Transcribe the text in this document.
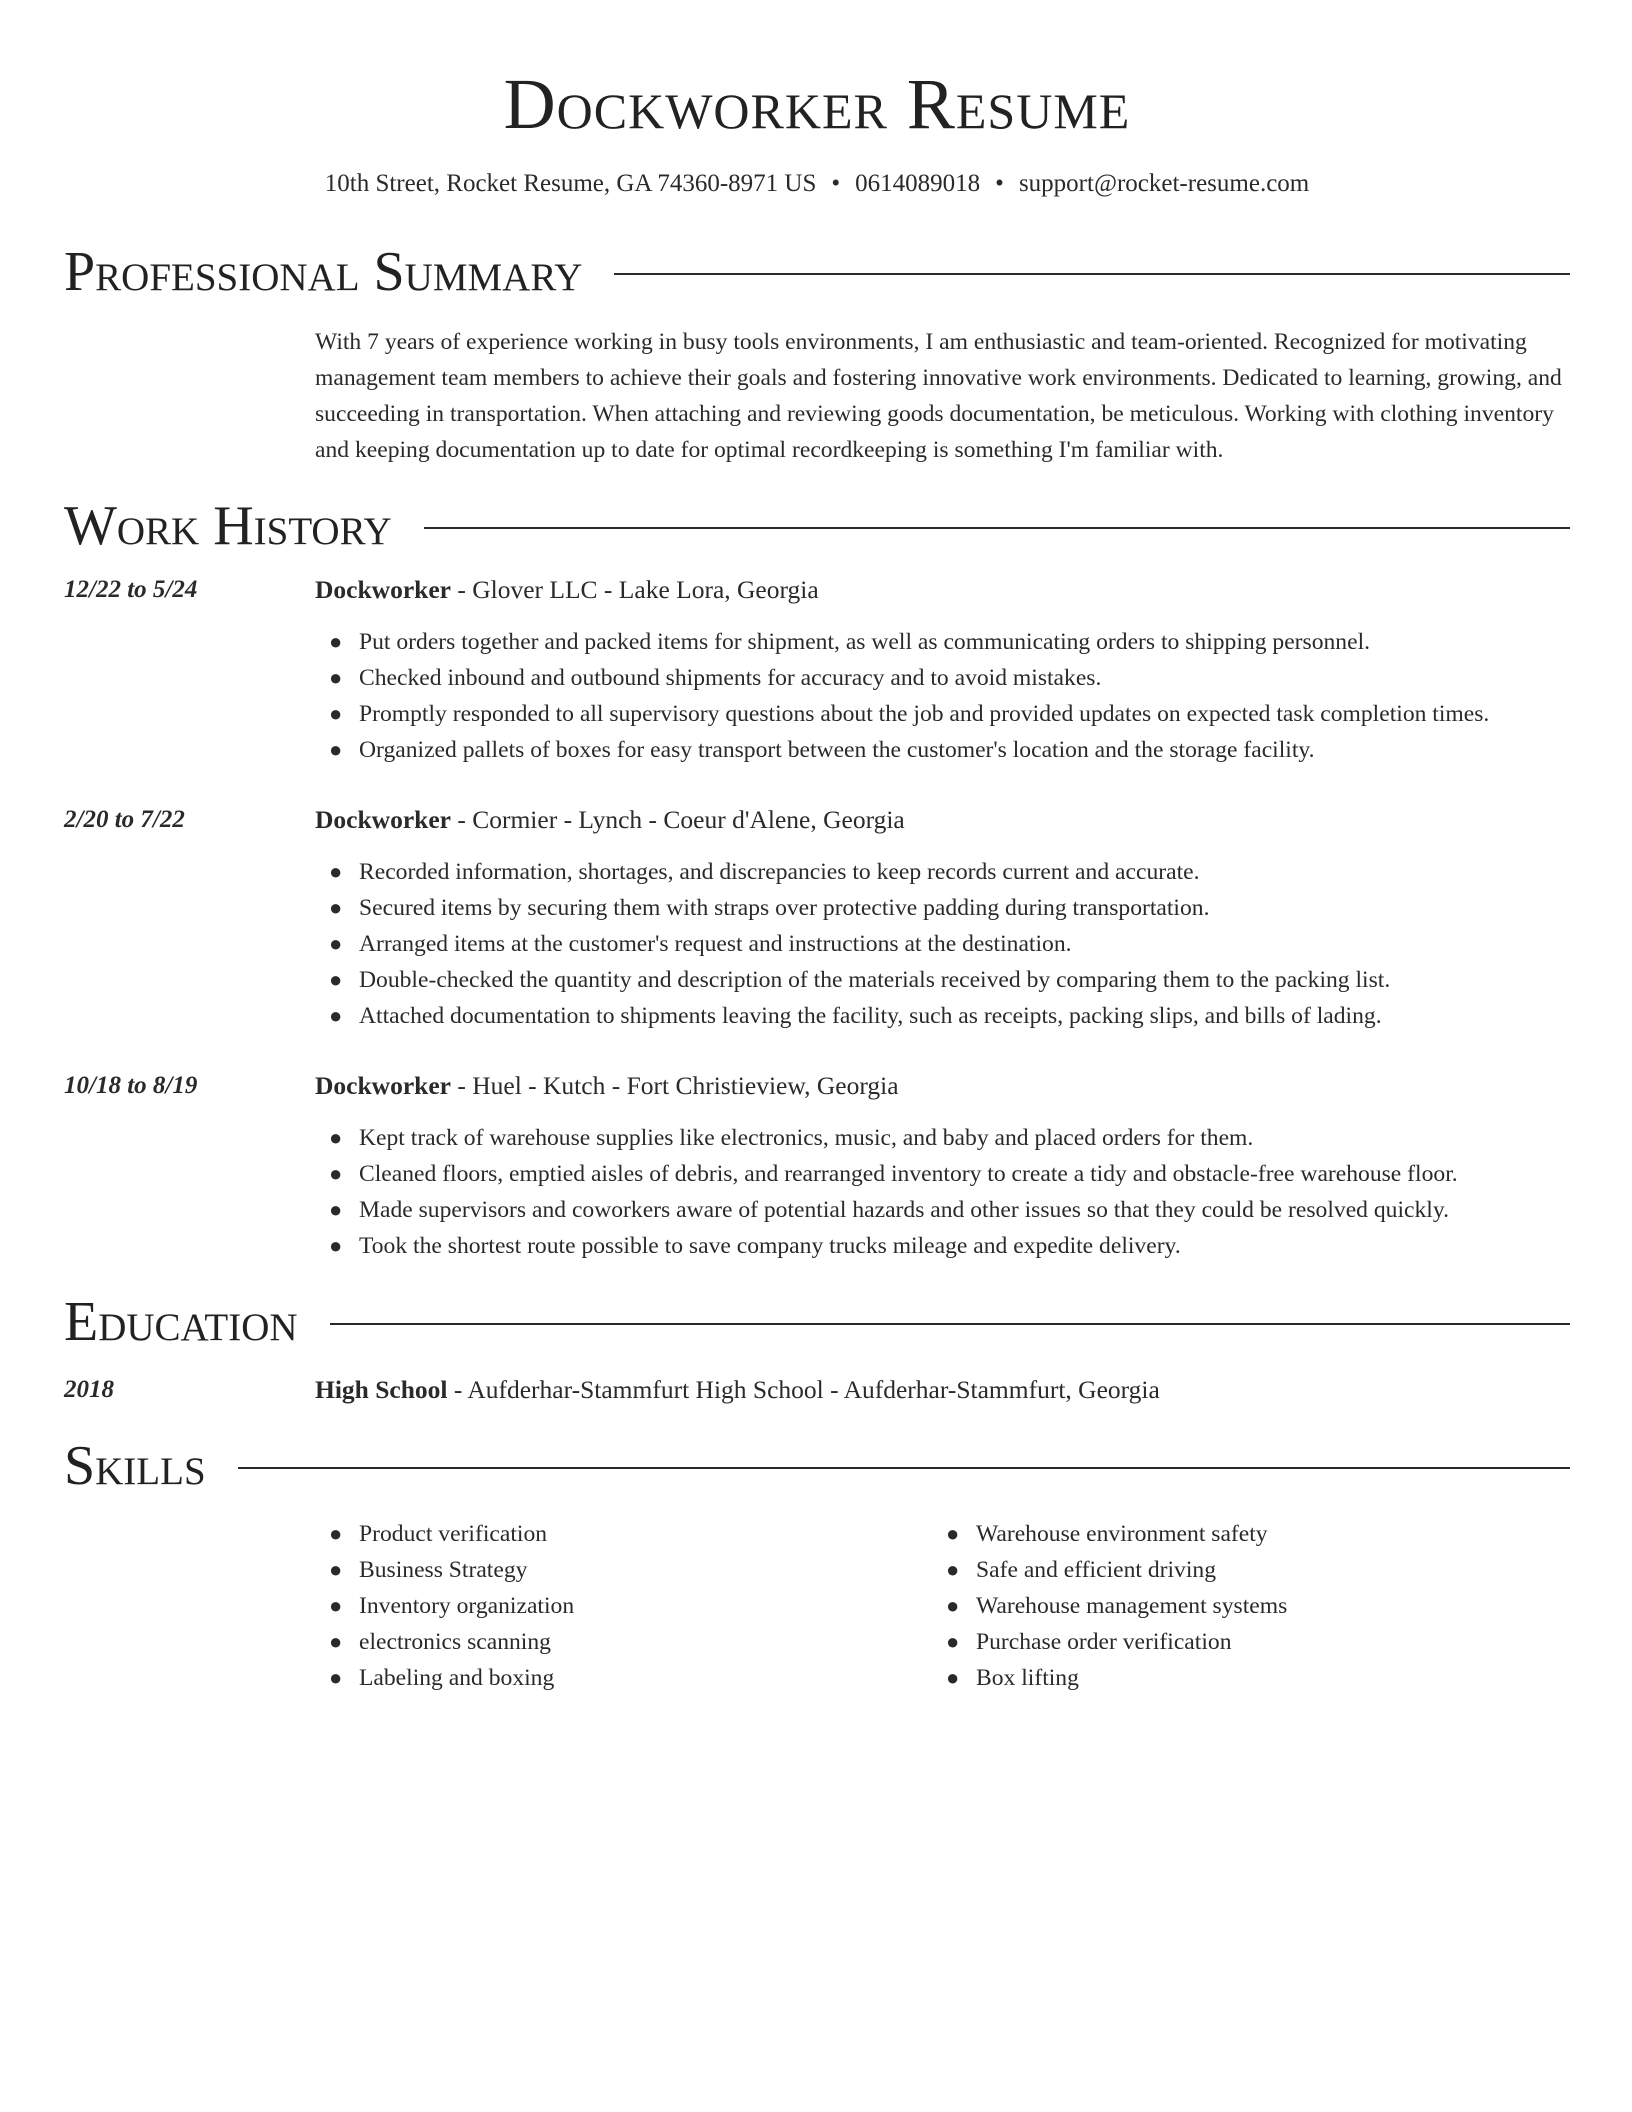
Dockworker Resume
10th Street, Rocket Resume, GA 74360-8971 US • 0614089018 • support@rocket-resume.com
Professional Summary

With 7 years of experience working in busy tools environments, I am enthusiastic and team-oriented. Recognized for motivating management team members to achieve their goals and fostering innovative work environments. Dedicated to learning, growing, and succeeding in transportation. When attaching and reviewing goods documentation, be meticulous. Working with clothing inventory and keeping documentation up to date for optimal recordkeeping is something I'm familiar with.

Work History
12/22 to 5/24	Dockworker - Glover LLC - Lake Lora, Georgia
● Put orders together and packed items for shipment, as well as communicating orders to shipping personnel.
● Checked inbound and outbound shipments for accuracy and to avoid mistakes.
● Promptly responded to all supervisory questions about the job and provided updates on expected task completion times.
● Organized pallets of boxes for easy transport between the customer's location and the storage facility.
2/20 to 7/22	Dockworker - Cormier - Lynch - Coeur d'Alene, Georgia
● Recorded information, shortages, and discrepancies to keep records current and accurate.
● Secured items by securing them with straps over protective padding during transportation.
● Arranged items at the customer's request and instructions at the destination.
● Double-checked the quantity and description of the materials received by comparing them to the packing list.
● Attached documentation to shipments leaving the facility, such as receipts, packing slips, and bills of lading.
10/18 to 8/19	Dockworker - Huel - Kutch - Fort Christieview, Georgia
● Kept track of warehouse supplies like electronics, music, and baby and placed orders for them.
● Cleaned floors, emptied aisles of debris, and rearranged inventory to create a tidy and obstacle-free warehouse floor.
● Made supervisors and coworkers aware of potential hazards and other issues so that they could be resolved quickly.
● Took the shortest route possible to save company trucks mileage and expedite delivery.
Education
2018	High School - Aufderhar-Stammfurt High School - Aufderhar-Stammfurt, Georgia
Skills
● Product verification
● Business Strategy
● Inventory organization
● electronics scanning
● Labeling and boxing
● Warehouse environment safety
● Safe and efficient driving
● Warehouse management systems
● Purchase order verification
● Box lifting
